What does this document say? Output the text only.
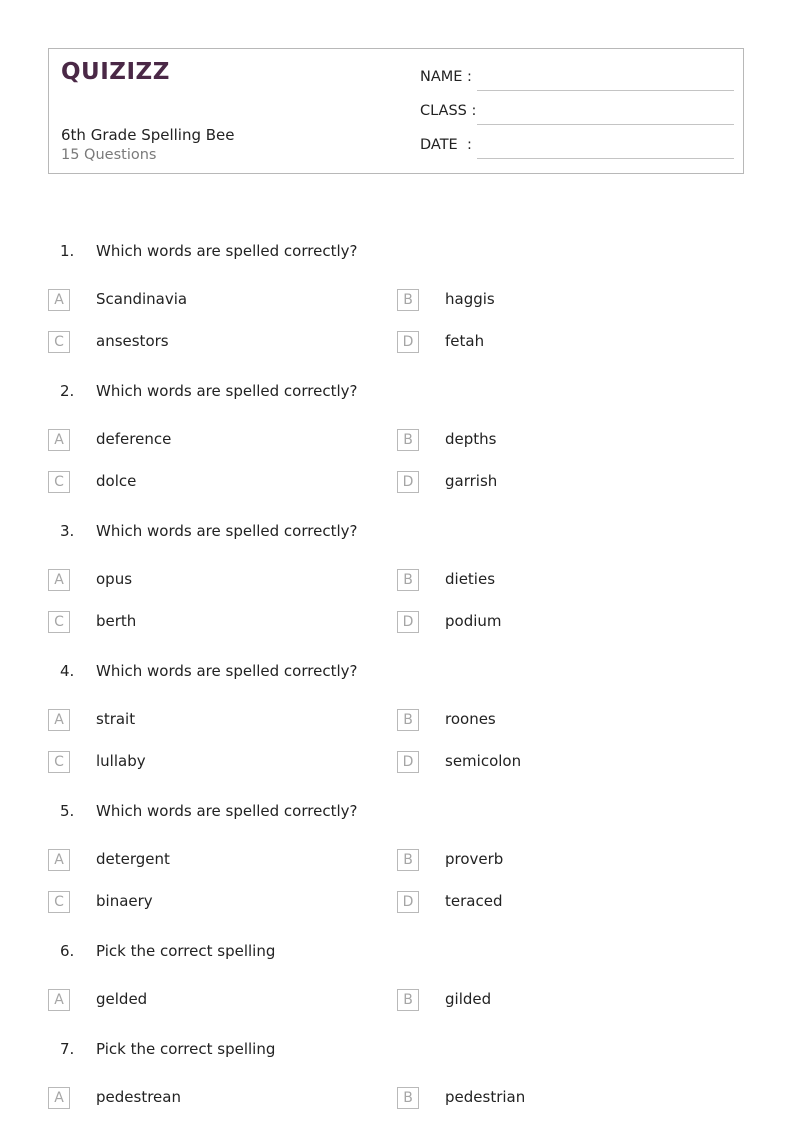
QUIZIZZ
6th Grade Spelling Bee
15 Questions
NAME :
CLASS :
DATE  :
1. Which words are spelled correctly?
A	Scandinavia	B	haggis
C	ansestors	D	fetah
2. Which words are spelled correctly?
A	deference	B	depths
C	dolce	D	garrish
3. Which words are spelled correctly?
A	opus	B	dieties
C	berth	D	podium
4. Which words are spelled correctly?
A	strait	B	roones
C	lullaby	D	semicolon
5. Which words are spelled correctly?
A	detergent	B	proverb
C	binaery	D	teraced
6. Pick the correct spelling
A	gelded	B	gilded
7. Pick the correct spelling
A	pedestrean	B	pedestrian
